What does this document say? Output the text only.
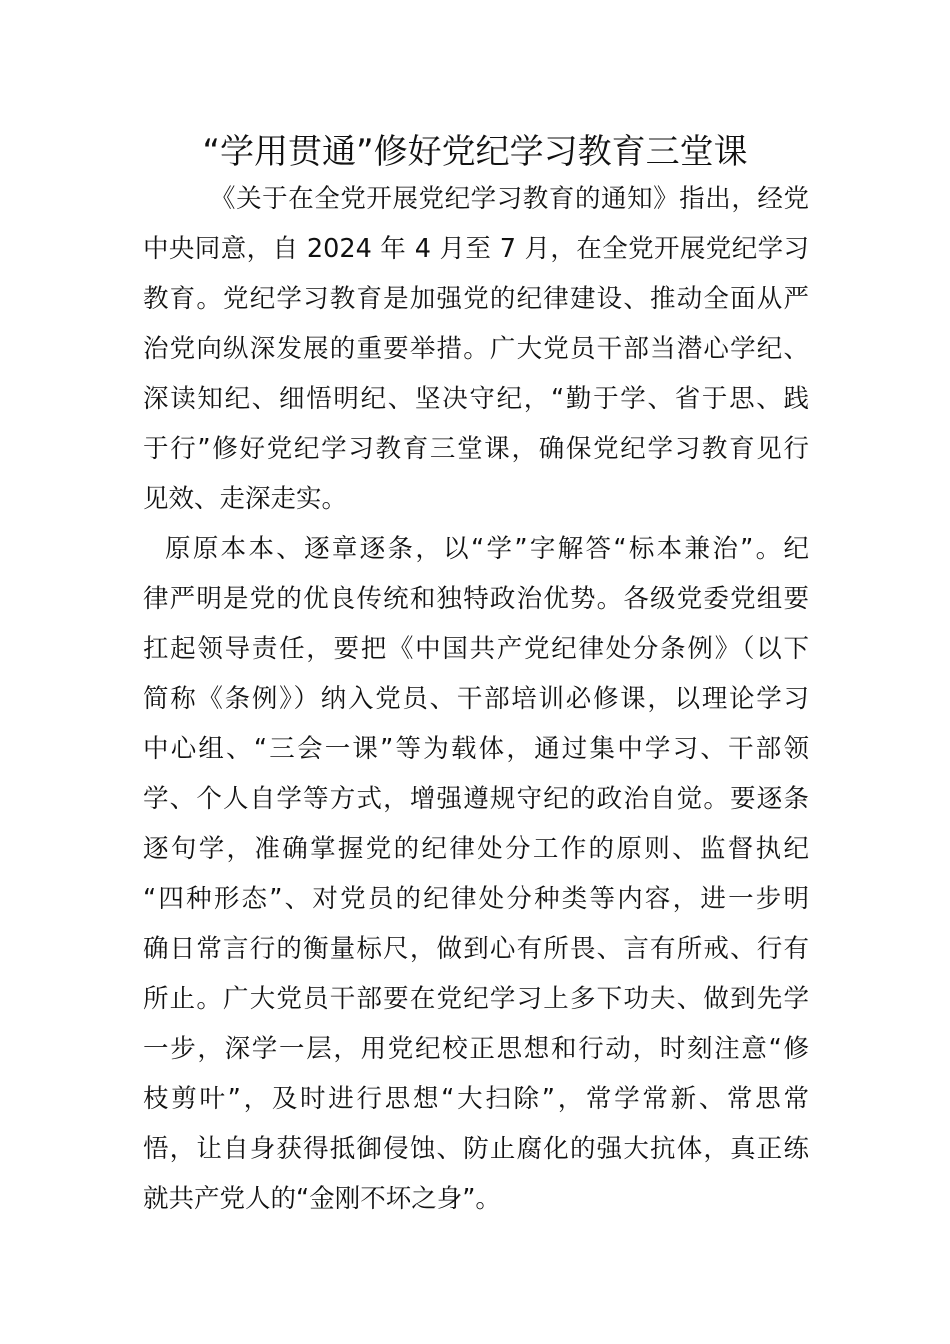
“学用贯通”修好党纪学习教育三堂课
《关于在全党开展党纪学习教育的通知》指出，经党
中央同意，自 2024 年 4 月至 7 月，在全党开展党纪学习
教育。党纪学习教育是加强党的纪律建设、推动全面从严
治党向纵深发展的重要举措。广大党员干部当潜心学纪、
深读知纪、细悟明纪、坚决守纪，“勤于学、省于思、践
于行”修好党纪学习教育三堂课，确保党纪学习教育见行
见效、走深走实。
原原本本、逐章逐条，以“学”字解答“标本兼治”。纪
律严明是党的优良传统和独特政治优势。各级党委党组要
扛起领导责任，要把《中国共产党纪律处分条例》（以下
简称《条例》）纳入党员、干部培训必修课，以理论学习
中心组、“三会一课”等为载体，通过集中学习、干部领
学、个人自学等方式，增强遵规守纪的政治自觉。要逐条
逐句学，准确掌握党的纪律处分工作的原则、监督执纪
“四种形态”、对党员的纪律处分种类等内容，进一步明
确日常言行的衡量标尺，做到心有所畏、言有所戒、行有
所止。广大党员干部要在党纪学习上多下功夫、做到先学
一步，深学一层，用党纪校正思想和行动，时刻注意“修
枝剪叶”，及时进行思想“大扫除”，常学常新、常思常
悟，让自身获得抵御侵蚀、防止腐化的强大抗体，真正练
就共产党人的“金刚不坏之身”。
